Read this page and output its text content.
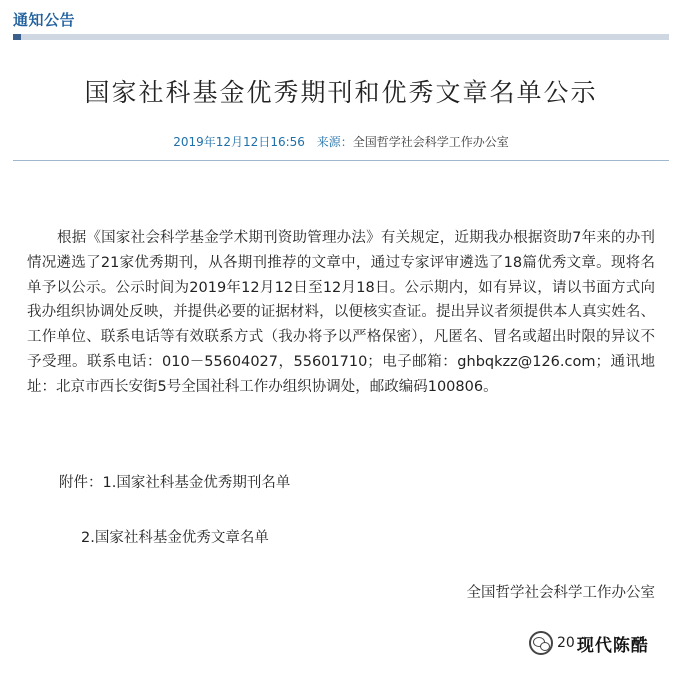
通知公告
国家社科基金优秀期刊和优秀文章名单公示
2019年12月12日16:56 来源：全国哲学社会科学工作办公室
根据《国家社会科学基金学术期刊资助管理办法》有关规定，近期我办根据资助7年来的办刊情况遴选了21家优秀期刊，从各期刊推荐的文章中，通过专家评审遴选了18篇优秀文章。现将名单予以公示。公示时间为2019年12月12日至12月18日。公示期内，如有异议，请以书面方式向我办组织协调处反映，并提供必要的证据材料，以便核实查证。提出异议者须提供本人真实姓名、工作单位、联系电话等有效联系方式（我办将予以严格保密），凡匿名、冒名或超出时限的异议不予受理。联系电话：010－55604027，55601710；电子邮箱：ghbqkzz@126.com；通讯地址：北京市西长安街5号全国社科工作办组织协调处，邮政编码100806。
附件：1.国家社科基金优秀期刊名单
2.国家社科基金优秀文章名单
全国哲学社会科学工作办公室
20 现代陈酷
